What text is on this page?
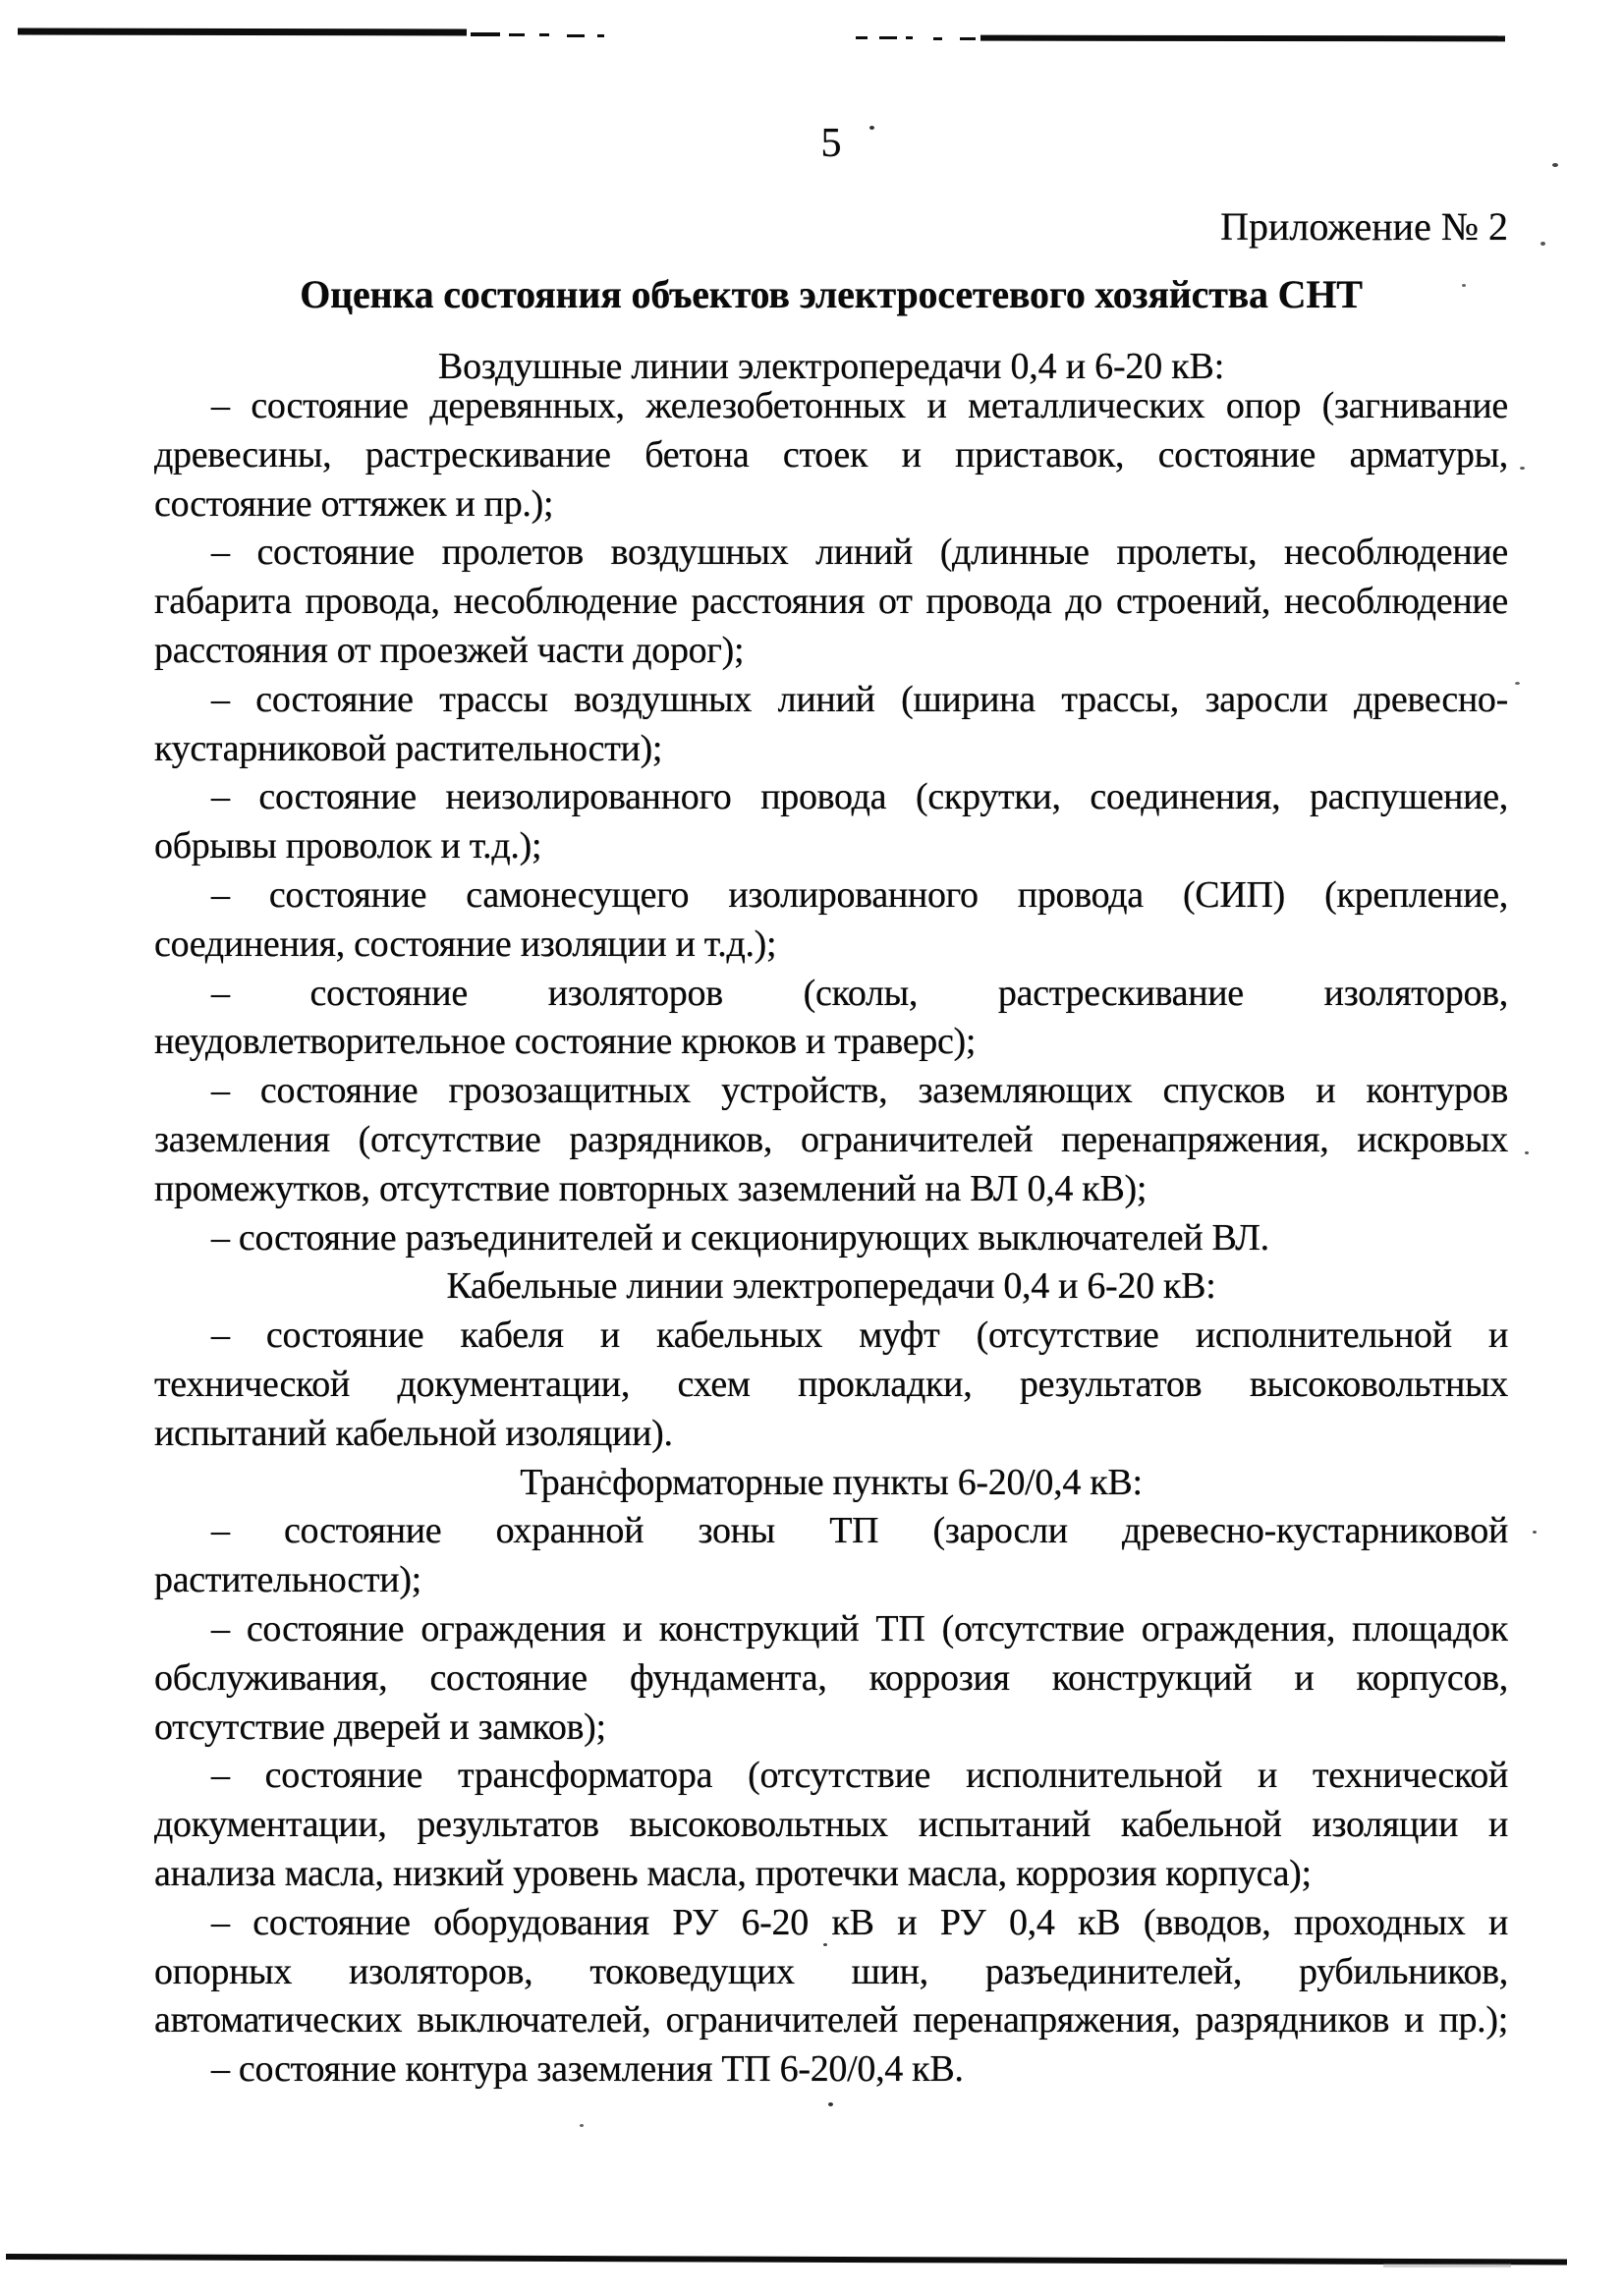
5
Приложение № 2
Оценка состояния объектов электросетевого хозяйства СНТ
Воздушные линии электропередачи 0,4 и 6-20 кВ:
– состояние деревянных, железобетонных и металлических опор (загнивание
древесины, растрескивание бетона стоек и приставок, состояние арматуры,
состояние оттяжек и пр.);
– состояние пролетов воздушных линий (длинные пролеты, несоблюдение
габарита провода, несоблюдение расстояния от провода до строений, несоблюдение
расстояния от проезжей части дорог);
– состояние трассы воздушных линий (ширина трассы, заросли древесно-
кустарниковой растительности);
– состояние неизолированного провода (скрутки, соединения, распушение,
обрывы проволок и т.д.);
– состояние самонесущего изолированного провода (СИП) (крепление,
соединения, состояние изоляции и т.д.);
– состояние изоляторов (сколы, растрескивание изоляторов,
неудовлетворительное состояние крюков и траверс);
– состояние грозозащитных устройств, заземляющих спусков и контуров
заземления (отсутствие разрядников, ограничителей перенапряжения, искровых
промежутков, отсутствие повторных заземлений на ВЛ 0,4 кВ);
– состояние разъединителей и секционирующих выключателей ВЛ.
Кабельные линии электропередачи 0,4 и 6-20 кВ:
– состояние кабеля и кабельных муфт (отсутствие исполнительной и
технической документации, схем прокладки, результатов высоковольтных
испытаний кабельной изоляции).
Трансформаторные пункты 6-20/0,4 кВ:
– состояние охранной зоны ТП (заросли древесно-кустарниковой
растительности);
– состояние ограждения и конструкций ТП (отсутствие ограждения, площадок
обслуживания, состояние фундамента, коррозия конструкций и корпусов,
отсутствие дверей и замков);
– состояние трансформатора (отсутствие исполнительной и технической
документации, результатов высоковольтных испытаний кабельной изоляции и
анализа масла, низкий уровень масла, протечки масла, коррозия корпуса);
– состояние оборудования РУ 6-20 кВ и РУ 0,4 кВ (вводов, проходных и
опорных изоляторов, токоведущих шин, разъединителей, рубильников,
автоматических выключателей, ограничителей перенапряжения, разрядников и пр.);
– состояние контура заземления ТП 6-20/0,4 кВ.
